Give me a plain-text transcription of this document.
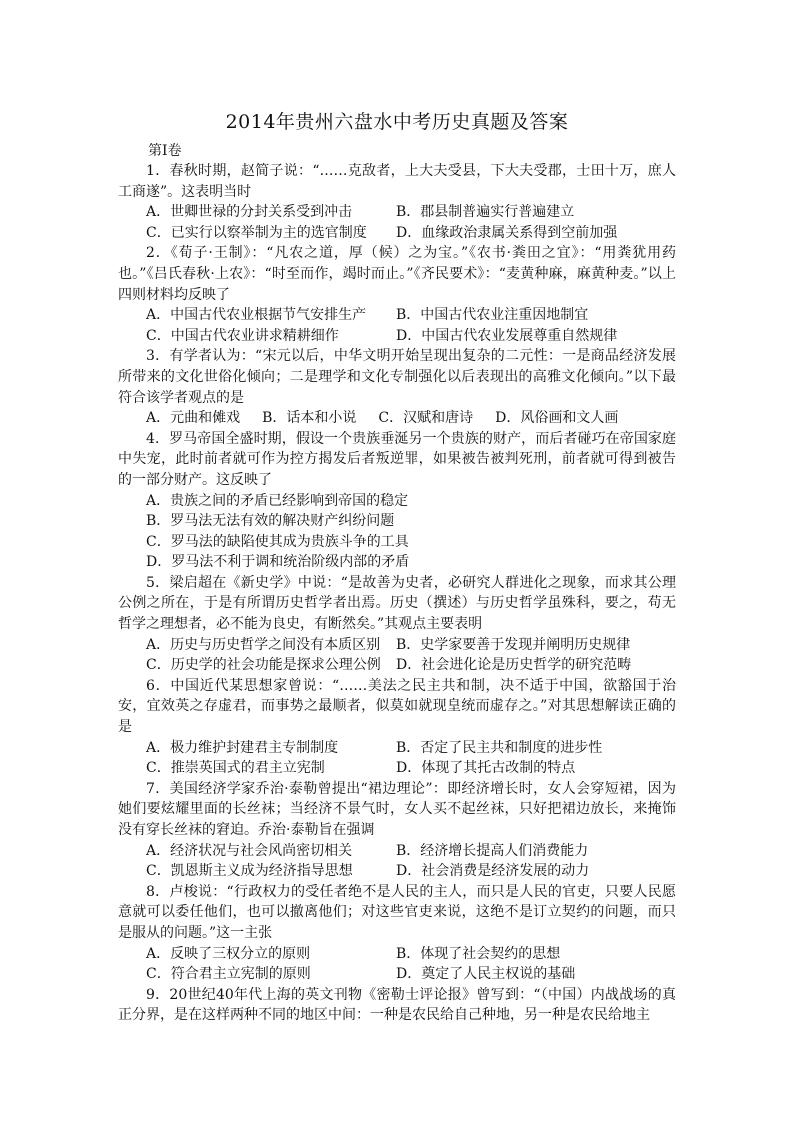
2014年贵州六盘水中考历史真题及答案
第Ⅰ卷
1．春秋时期，赵简子说：“……克敌者，上大夫受县，下大夫受郡，士田十万，庶人工商遂”。这表明当时
A．世卿世禄的分封关系受到冲击	B．郡县制普遍实行普遍建立
C．已实行以察举制为主的选官制度	D．血缘政治隶属关系得到空前加强
2．《荀子·王制》：“凡农之道，厚（候）之为宝。”《农书·粪田之宜》：“用粪犹用药也。”《吕氏春秋·上农》：“时至而作，竭时而止。”《齐民要术》：“麦黄种麻，麻黄种麦。”以上四则材料均反映了
A．中国古代农业根据节气安排生产	B．中国古代农业注重因地制宜
C．中国古代农业讲求精耕细作	D．中国古代农业发展尊重自然规律
3．有学者认为：“宋元以后，中华文明开始呈现出复杂的二元性：一是商品经济发展所带来的文化世俗化倾向；二是理学和文化专制强化以后表现出的高雅文化倾向。”以下最符合该学者观点的是
A．元曲和傩戏 B．话本和小说 C．汉赋和唐诗 D．风俗画和文人画
4．罗马帝国全盛时期，假设一个贵族垂涎另一个贵族的财产，而后者碰巧在帝国家庭中失宠，此时前者就可作为控方揭发后者叛逆罪，如果被告被判死刑，前者就可得到被告的一部分财产。这反映了
A．贵族之间的矛盾已经影响到帝国的稳定
B．罗马法无法有效的解决财产纠纷问题
C．罗马法的缺陷使其成为贵族斗争的工具
D．罗马法不利于调和统治阶级内部的矛盾
5．梁启超在《新史学》中说：“是故善为史者，必研究人群进化之现象，而求其公理公例之所在，于是有所谓历史哲学者出焉。历史（撰述）与历史哲学虽殊科，要之，苟无哲学之理想者，必不能为良史，有断然矣。”其观点主要表明
A．历史与历史哲学之间没有本质区别	B．史学家要善于发现并阐明历史规律
C．历史学的社会功能是探求公理公例	D．社会进化论是历史哲学的研究范畴
6．中国近代某思想家曾说：“……美法之民主共和制，决不适于中国，欲豁国于治安，宜效英之存虚君，而事势之最顺者，似莫如就现皇统而虚存之。”对其思想解读正确的是
A．极力维护封建君主专制制度	B．否定了民主共和制度的进步性
C．推崇英国式的君主立宪制	D．体现了其托古改制的特点
7．美国经济学家乔治·泰勒曾提出“裙边理论”：即经济增长时，女人会穿短裙，因为她们要炫耀里面的长丝袜；当经济不景气时，女人买不起丝袜，只好把裙边放长，来掩饰没有穿长丝袜的窘迫。乔治·泰勒旨在强调
A．经济状况与社会风尚密切相关	B．经济增长提高人们消费能力
C．凯恩斯主义成为经济指导思想	D．社会消费是经济发展的动力
8．卢梭说：“行政权力的受任者绝不是人民的主人，而只是人民的官吏，只要人民愿意就可以委任他们，也可以撤离他们；对这些官吏来说，这绝不是订立契约的问题，而只是服从的问题。”这一主张
A．反映了三权分立的原则	B．体现了社会契约的思想
C．符合君主立宪制的原则	D．奠定了人民主权说的基础
9．20世纪40年代上海的英文刊物《密勒士评论报》曾写到：“（中国）内战战场的真正分界，是在这样两种不同的地区中间：一种是农民给自己种地，另一种是农民给地主
